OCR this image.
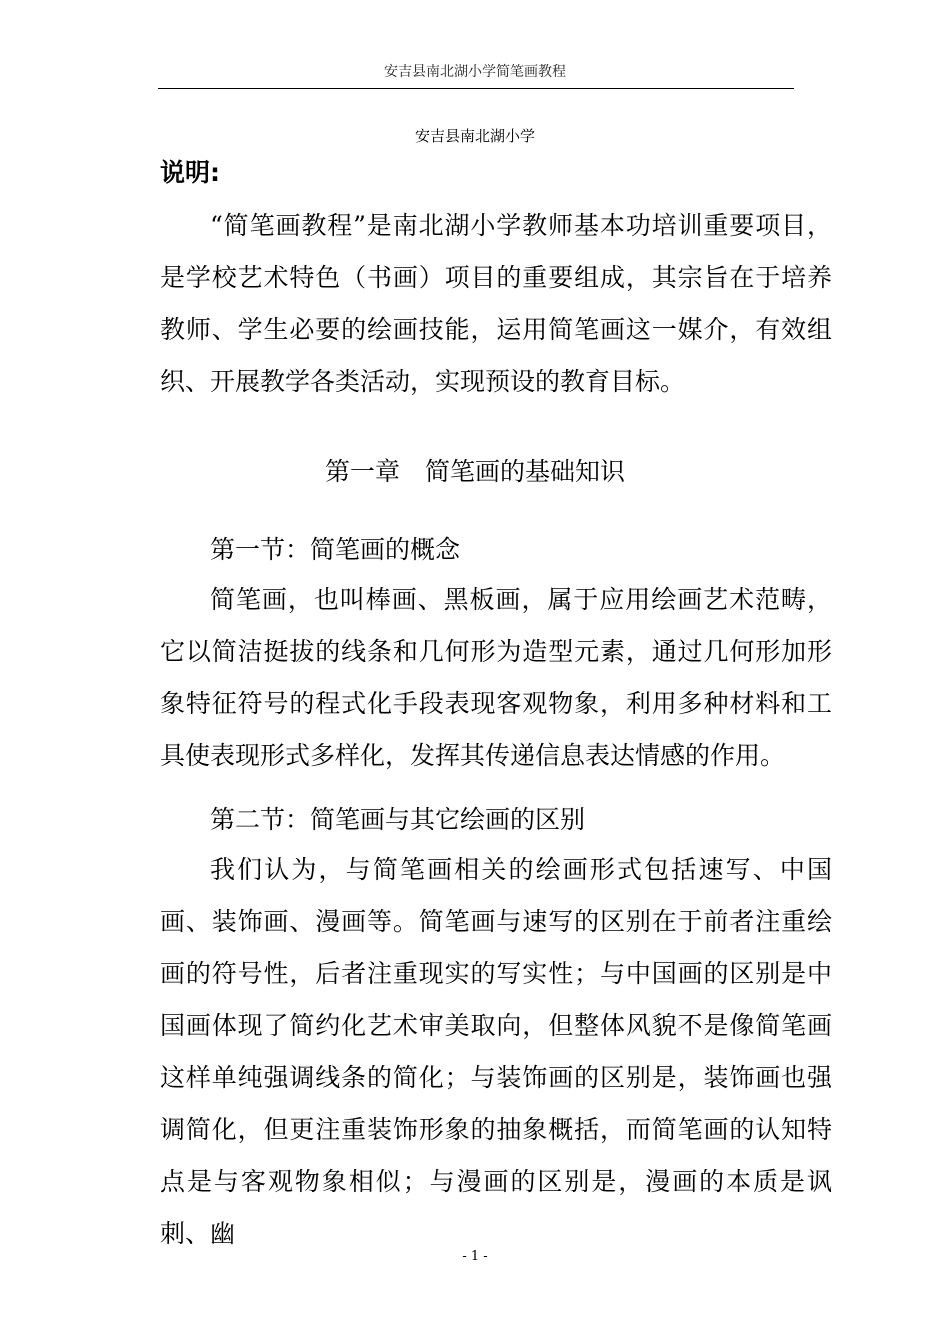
安吉县南北湖小学简笔画教程
安吉县南北湖小学
说明:

“简笔画教程”是南北湖小学教师基本功培训重要项目，是学校艺术特色（书画）项目的重要组成，其宗旨在于培养教师、学生必要的绘画技能，运用简笔画这一媒介，有效组织、开展教学各类活动，实现预设的教育目标。

第一章　简笔画的基础知识
第一节：简笔画的概念

简笔画，也叫棒画、黑板画，属于应用绘画艺术范畴，它以简洁挺拔的线条和几何形为造型元素，通过几何形加形象特征符号的程式化手段表现客观物象，利用多种材料和工具使表现形式多样化，发挥其传递信息表达情感的作用。

第二节：简笔画与其它绘画的区别

我们认为，与简笔画相关的绘画形式包括速写、中国画、装饰画、漫画等。简笔画与速写的区别在于前者注重绘画的符号性，后者注重现实的写实性；与中国画的区别是中国画体现了简约化艺术审美取向，但整体风貌不是像简笔画这样单纯强调线条的简化；与装饰画的区别是，装饰画也强调简化，但更注重装饰形象的抽象概括，而简笔画的认知特点是与客观物象相似；与漫画的区别是，漫画的本质是讽刺、幽

- 1 -
